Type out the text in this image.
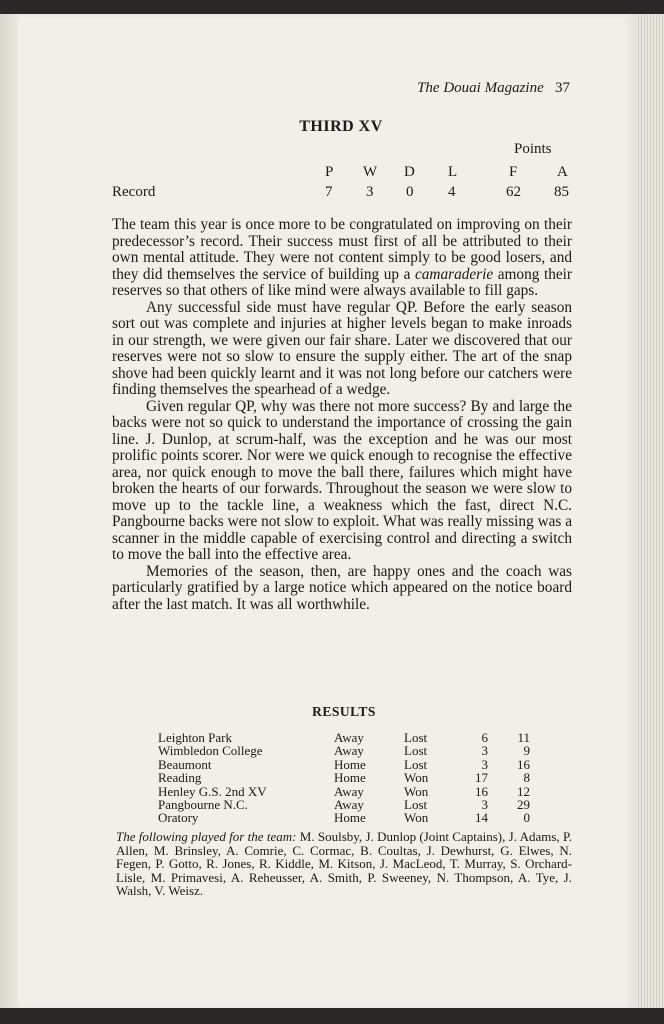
The Douai Magazine 37
THIRD XV
Points
P W D L	F	A
Record	7 3 0 4	62 85

The team this year is once more to be congratulated on improving on their predecessor’s record. Their success must first of all be attributed to their own mental attitude. They were not content simply to be good losers, and they did themselves the service of building up a camaraderie among their reserves so that others of like mind were always available to fill gaps.

Any successful side must have regular QP. Before the early season sort out was complete and injuries at higher levels began to make inroads in our strength, we were given our fair share. Later we discovered that our reserves were not so slow to ensure the supply either. The art of the snap shove had been quickly learnt and it was not long before our catchers were finding themselves the spearhead of a wedge.

Given regular QP, why was there not more success? By and large the backs were not so quick to understand the importance of crossing the gain line. J. Dunlop, at scrum-half, was the exception and he was our most prolific points scorer. Nor were we quick enough to recognise the effective area, nor quick enough to move the ball there, failures which might have broken the hearts of our forwards. Throughout the season we were slow to move up to the tackle line, a weakness which the fast, direct N.C. Pangbourne backs were not slow to exploit. What was really missing was a scanner in the middle capable of exercising control and directing a switch to move the ball into the effective area.

Memories of the season, then, are happy ones and the coach was particularly gratified by a large notice which appeared on the notice board after the last match. It was all worthwhile.

RESULTS
Leighton Park	Away	Lost	6 11
Wimbledon College	Away	Lost	3	9
Beaumont	Home	Lost	3 16
Reading	Home	Won	17	8
Henley G.S. 2nd XV	Away	Won	16 12
Pangbourne N.C.	Away	Lost	3 29
Oratory	Home	Won	14	0
The following played for the team: M. Soulsby, J. Dunlop (Joint Captains), J. Adams, P. Allen, M. Brinsley, A. Comrie, C. Cormac, B. Coultas, J. Dewhurst, G. Elwes, N. Fegen, P. Gotto, R. Jones, R. Kiddle, M. Kitson, J. MacLeod, T. Murray, S. Orchard-Lisle, M. Primavesi, A. Reheusser, A. Smith, P. Sweeney, N. Thompson, A. Tye, J. Walsh, V. Weisz.
